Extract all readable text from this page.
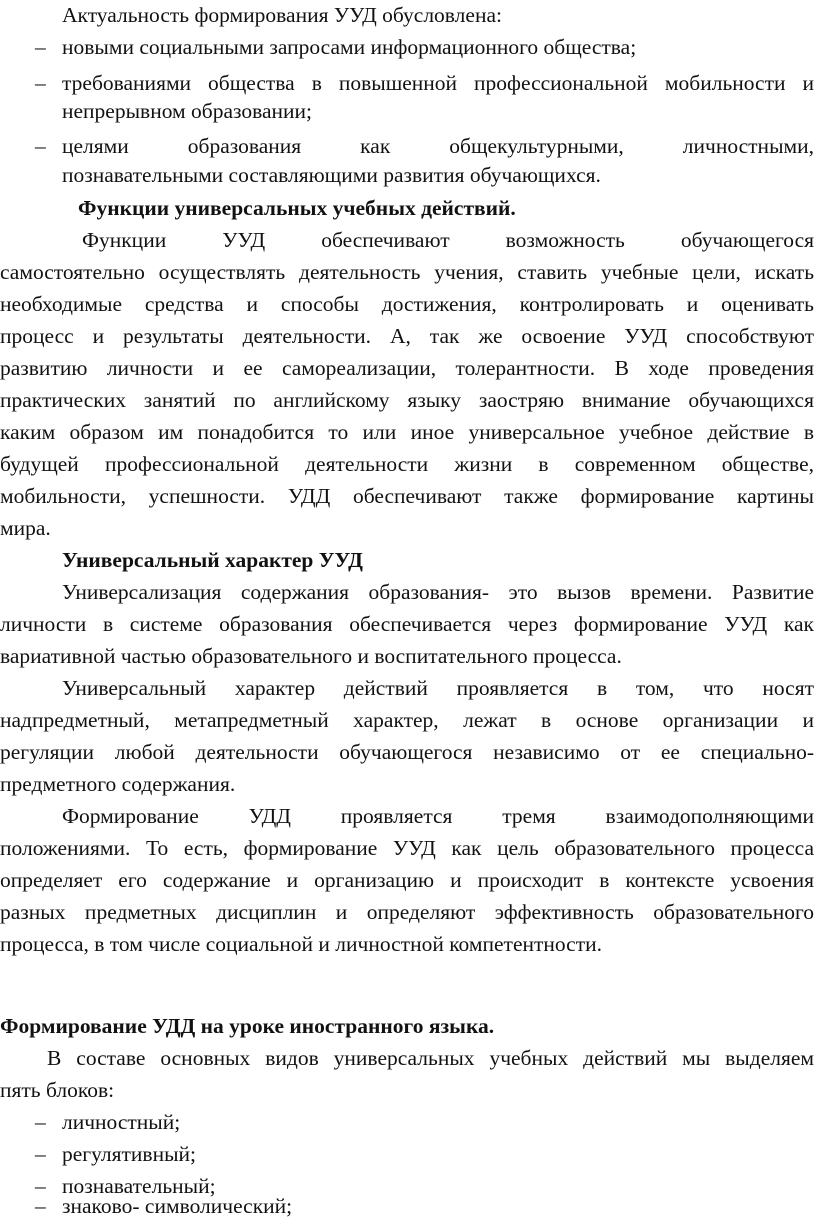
Актуальность формирования УУД обусловлена:
– новыми социальными запросами информационного общества;
– требованиями общества в повышенной профессиональной мобильности и
непрерывном образовании;
– целями образования как общекультурными, личностными,
познавательными составляющими развития обучающихся.
Функции универсальных учебных действий.
Функции УУД обеспечивают возможность обучающегося
самостоятельно осуществлять деятельность учения, ставить учебные цели, искать
необходимые средства и способы достижения, контролировать и оценивать
процесс и результаты деятельности. А, так же освоение УУД способствуют
развитию личности и ее самореализации, толерантности. В ходе проведения
практических занятий по английскому языку заостряю внимание обучающихся
каким образом им понадобится то или иное универсальное учебное действие в
будущей профессиональной деятельности жизни в современном обществе,
мобильности, успешности. УДД обеспечивают также формирование картины
мира.
Универсальный характер УУД
Универсализация содержания образования- это вызов времени. Развитие
личности в системе образования обеспечивается через формирование УУД как
вариативной частью образовательного и воспитательного процесса.
Универсальный характер действий проявляется в том, что носят
надпредметный, метапредметный характер, лежат в основе организации и
регуляции любой деятельности обучающегося независимо от ее специально-
предметного содержания.
Формирование УДД проявляется тремя взаимодополняющими
положениями. То есть, формирование УУД как цель образовательного процесса
определяет его содержание и организацию и происходит в контексте усвоения
разных предметных дисциплин и определяют эффективность образовательного
процесса, в том числе социальной и личностной компетентности.
Формирование УДД на уроке иностранного языка.
В составе основных видов универсальных учебных действий мы выделяем
пять блоков:
– личностный;
– регулятивный;
– познавательный;
– знаково- символический;
